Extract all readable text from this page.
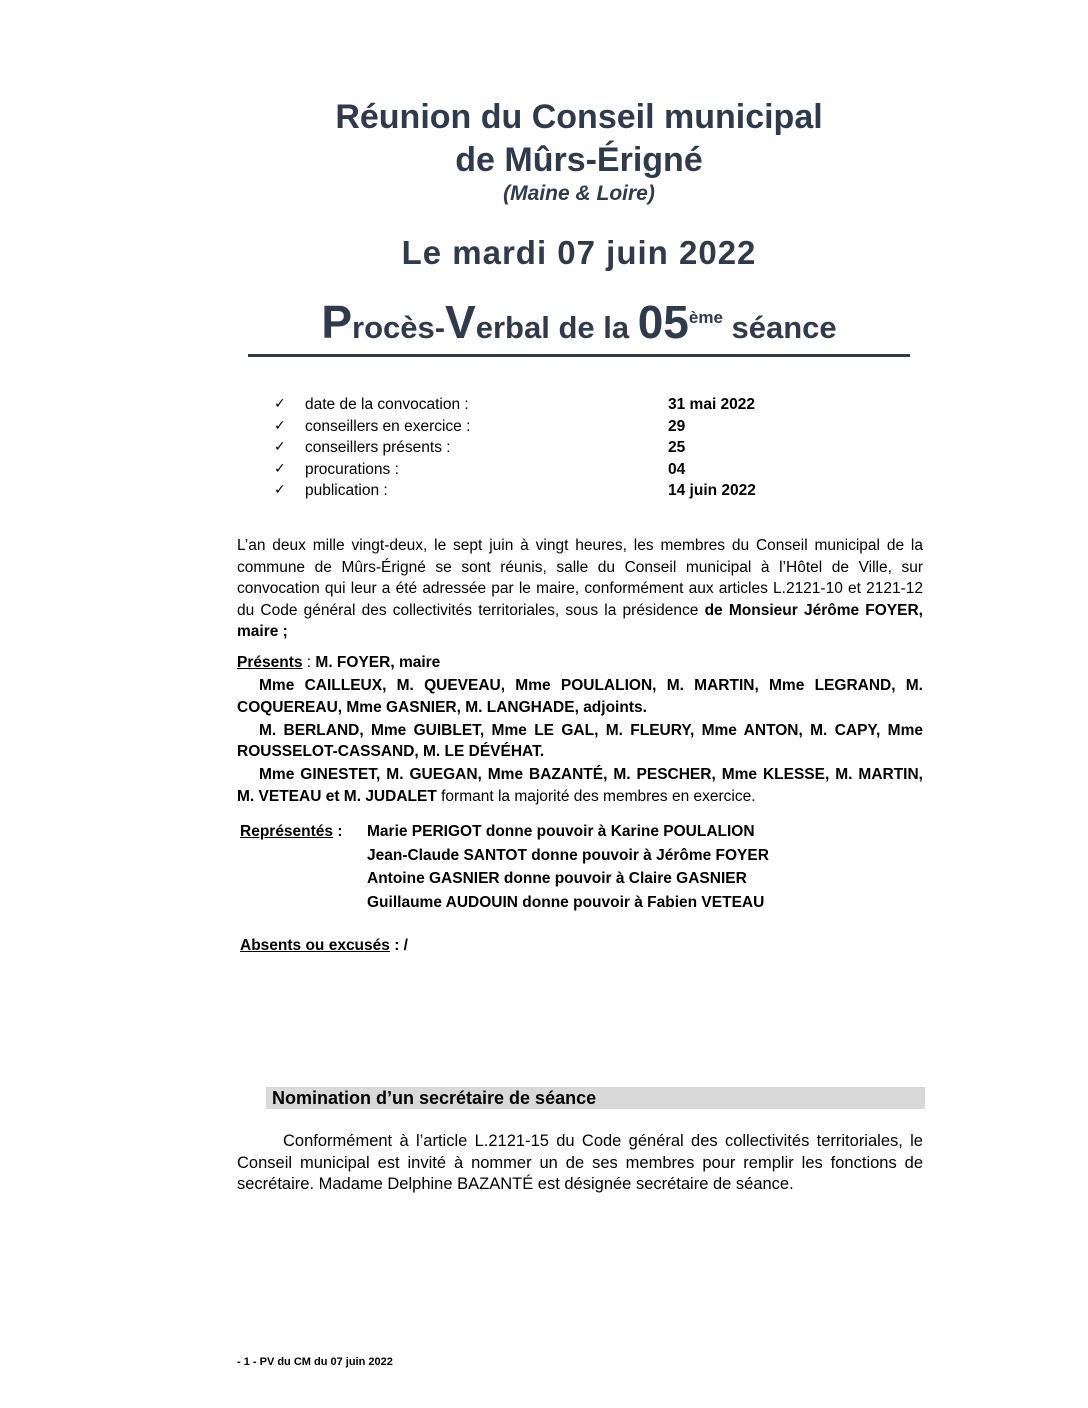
Réunion du Conseil municipal
de Mûrs-Érigné
(Maine & Loire)
Le mardi 07 juin 2022
Procès-Verbal de la 05ème séance
✓ date de la convocation :	31 mai 2022
✓ conseillers en exercice :	29
✓ conseillers présents :	25
✓ procurations :	04
✓ publication :	14 juin 2022
L’an deux mille vingt-deux, le sept juin à vingt heures, les membres du Conseil municipal de la commune de Mûrs-Érigné se sont réunis, salle du Conseil municipal à l’Hôtel de Ville, sur convocation qui leur a été adressée par le maire, conformément aux articles L.2121-10 et 2121-12 du Code général des collectivités territoriales, sous la présidence de Monsieur Jérôme FOYER, maire ;

Présents : M. FOYER, maire

Mme CAILLEUX, M. QUEVEAU, Mme POULALION, M. MARTIN, Mme LEGRAND, M. COQUEREAU, Mme GASNIER, M. LANGHADE, adjoints.

M. BERLAND, Mme GUIBLET, Mme LE GAL, M. FLEURY, Mme ANTON, M. CAPY, Mme ROUSSELOT-CASSAND, M. LE DÉVÉHAT.

Mme GINESTET, M. GUEGAN, Mme BAZANTÉ, M. PESCHER, Mme KLESSE, M. MARTIN, M. VETEAU et M. JUDALET formant la majorité des membres en exercice.

Représentés : Marie PERIGOT donne pouvoir à Karine POULALION
Jean-Claude SANTOT donne pouvoir à Jérôme FOYER
Antoine GASNIER donne pouvoir à Claire GASNIER
Guillaume AUDOUIN donne pouvoir à Fabien VETEAU
Absents ou excusés : /
Nomination d’un secrétaire de séance
Conformément à l’article L.2121-15 du Code général des collectivités territoriales, le Conseil municipal est invité à nommer un de ses membres pour remplir les fonctions de secrétaire. Madame Delphine BAZANTÉ est désignée secrétaire de séance.
- 1 - PV du CM du 07 juin 2022
